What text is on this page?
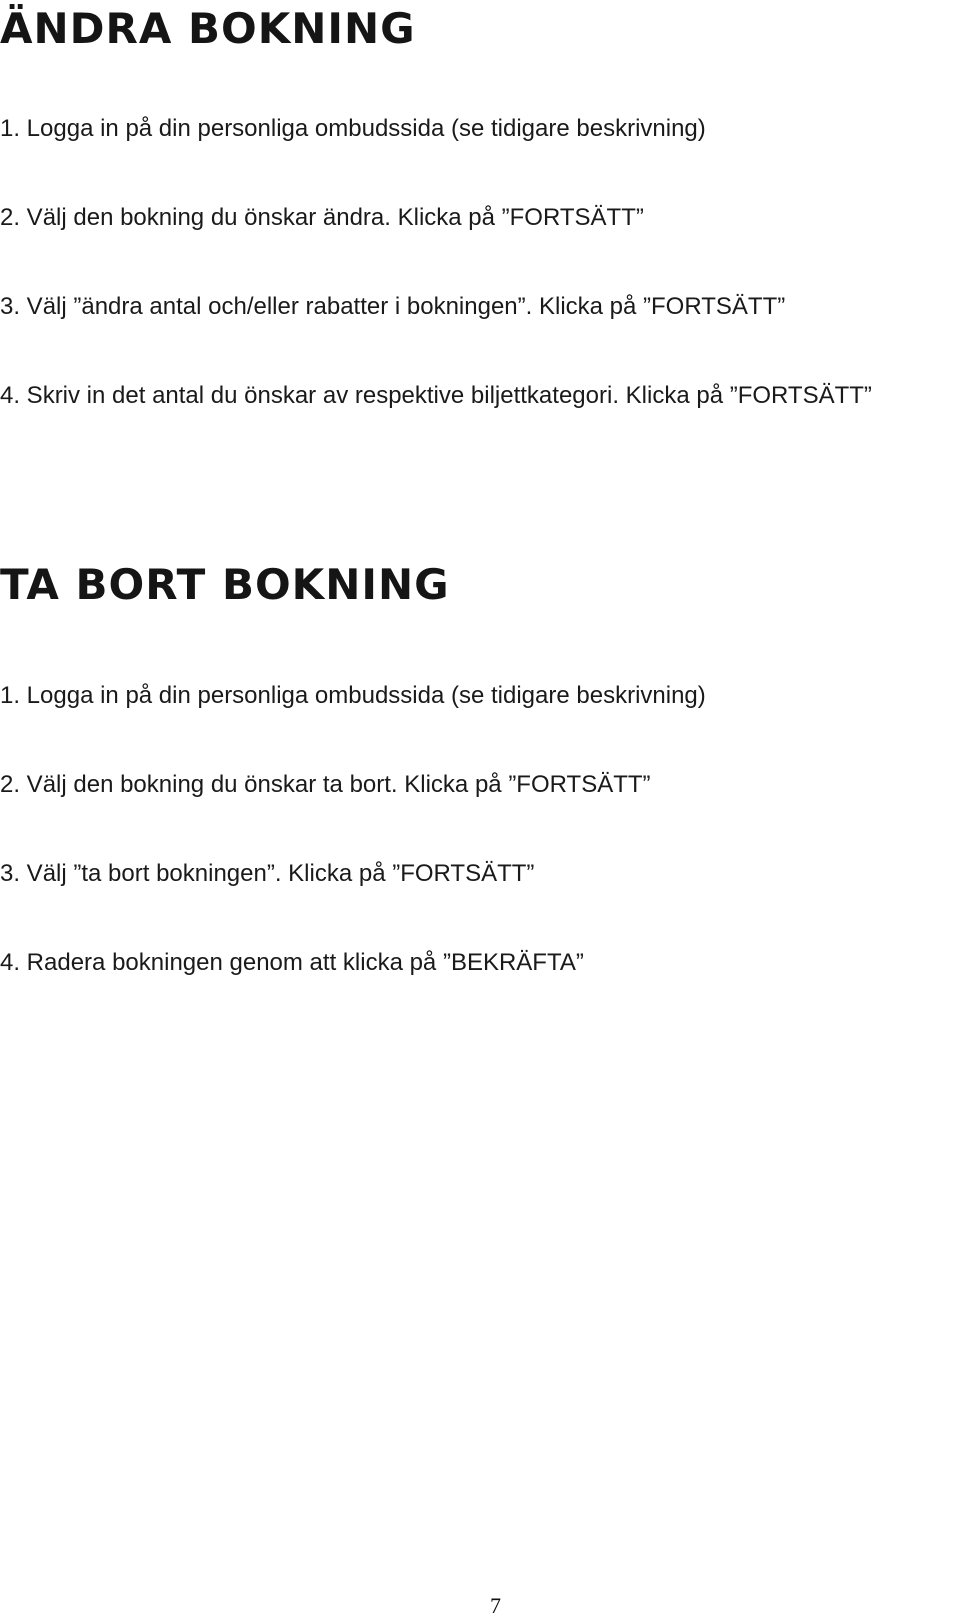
ÄNDRA BOKNING

1. Logga in på din personliga ombudssida (se tidigare beskrivning)

2. Välj den bokning du önskar ändra. Klicka på ”FORTSÄTT”

3. Välj ”ändra antal och/eller rabatter i bokningen”. Klicka på ”FORTSÄTT”

4. Skriv in det antal du önskar av respektive biljettkategori. Klicka på ”FORTSÄTT”

TA BORT BOKNING

1. Logga in på din personliga ombudssida (se tidigare beskrivning)

2. Välj den bokning du önskar ta bort. Klicka på ”FORTSÄTT”

3. Välj ”ta bort bokningen”. Klicka på ”FORTSÄTT”

4. Radera bokningen genom att klicka på ”BEKRÄFTA”

7
